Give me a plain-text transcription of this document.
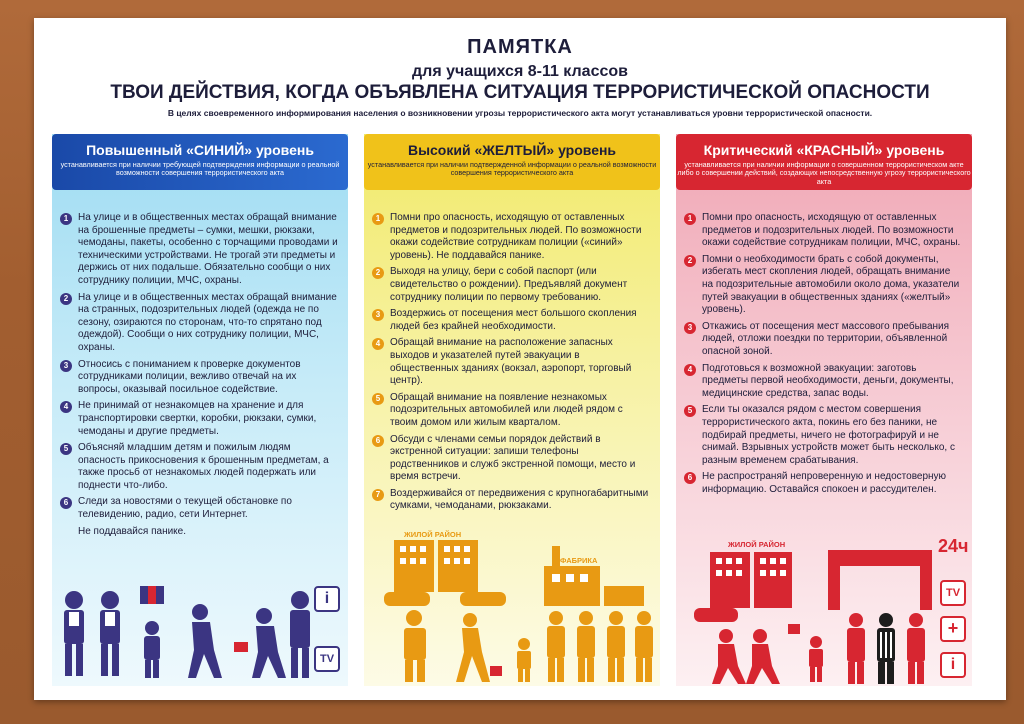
ПАМЯТКА
для учащихся 8-11 классов
ТВОИ ДЕЙСТВИЯ, КОГДА ОБЪЯВЛЕНА СИТУАЦИЯ ТЕРРОРИСТИЧЕСКОЙ ОПАСНОСТИ
В целях своевременного информирования населения о возникновении угрозы террористического акта могут устанавливаться уровни террористической опасности.
Повышенный «СИНИЙ» уровень
устанавливается при наличии требующей подтверждения информации о реальной возможности совершения террористического акта
1 На улице и в общественных местах обращай внимание на брошенные предметы – сумки, мешки, рюкзаки, чемоданы, пакеты, особенно с торчащими проводами и техническими устройствами. Не трогай эти предметы и держись от них подальше. Обязательно сообщи о них сотруднику полиции, МЧС, охраны.
2 На улице и в общественных местах обращай внимание на странных, подозрительных людей (одежда не по сезону, озираются по сторонам, что-то спрятано под одеждой). Сообщи о них сотруднику полиции, МЧС, охраны.
3 Относись с пониманием к проверке документов сотрудниками полиции, вежливо отвечай на их вопросы, оказывай посильное содействие.
4 Не принимай от незнакомцев на хранение и для транспортировки свертки, коробки, рюкзаки, сумки, чемоданы и другие предметы.
5 Объясняй младшим детям и пожилым людям опасность прикосновения к брошенным предметам, а также просьб от незнакомых людей подержать или поднести что-либо.
6 Следи за новостями о текущей обстановке по телевидению, радио, сети Интернет.
Не поддавайся панике.
i
TV
Высокий «ЖЕЛТЫЙ» уровень
устанавливается при наличии подтвержденной информации о реальной возможности совершения террористического акта
1 Помни про опасность, исходящую от оставленных предметов и подозрительных людей. По возможности окажи содействие сотрудникам полиции («синий» уровень). Не поддавайся панике.
2 Выходя на улицу, бери с собой паспорт (или свидетельство о рождении). Предъявляй документ сотруднику полиции по первому требованию.
3 Воздержись от посещения мест большого скопления людей без крайней необходимости.
4 Обращай внимание на расположение запасных выходов и указателей путей эвакуации в общественных зданиях (вокзал, аэропорт, торговый центр).
5 Обращай внимание на появление незнакомых подозрительных автомобилей или людей рядом с твоим домом или жилым кварталом.
6 Обсуди с членами семьи порядок действий в экстренной ситуации: запиши телефоны родственников и служб экстренной помощи, место и время встречи.
7 Воздерживайся от передвижения с крупногабаритными сумками, чемоданами, рюкзаками.
ЖИЛОЙ РАЙОН
ФАБРИКА
Критический «КРАСНЫЙ» уровень
устанавливается при наличии информации о совершенном террористическом акте либо о совершении действий, создающих непосредственную угрозу террористического акта
1 Помни про опасность, исходящую от оставленных предметов и подозрительных людей. По возможности окажи содействие сотрудникам полиции, МЧС, охраны.
2 Помни о необходимости брать с собой документы, избегать мест скопления людей, обращать внимание на подозрительные автомобили около дома, указатели путей эвакуации в общественных зданиях («желтый» уровень).
3 Откажись от посещения мест массового пребывания людей, отложи поездки по территории, объявленной опасной зоной.
4 Подготовься к возможной эвакуации: заготовь предметы первой необходимости, деньги, документы, медицинские средства, запас воды.
5 Если ты оказался рядом с местом совершения террористического акта, покинь его без паники, не подбирай предметы, ничего не фотографируй и не снимай. Взрывных устройств может быть несколько, с разным временем срабатывания.
6 Не распространяй непроверенную и недостоверную информацию. Оставайся спокоен и рассудителен.
ЖИЛОЙ РАЙОН	24ч
TV
+
i
